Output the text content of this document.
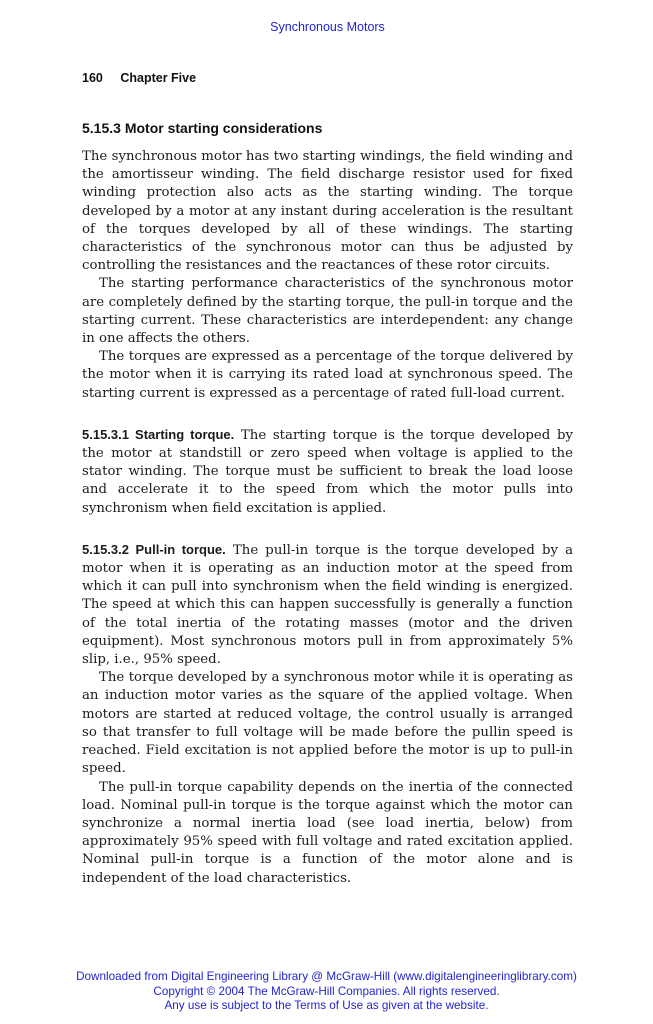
Synchronous Motors
160 Chapter Five
5.15.3 Motor starting considerations

The synchronous motor has two starting windings, the field winding and the amortisseur winding. The field discharge resistor used for fixed winding protection also acts as the starting winding. The torque developed by a motor at any instant during acceleration is the resultant of the torques developed by all of these windings. The starting characteristics of the synchronous motor can thus be adjusted by controlling the resistances and the reactances of these rotor circuits.

The starting performance characteristics of the synchronous motor are completely defined by the starting torque, the pull-in torque and the starting current. These characteristics are interdependent: any change in one affects the others.

The torques are expressed as a percentage of the torque delivered by the motor when it is carrying its rated load at synchronous speed. The starting current is expressed as a percentage of rated full-load current.

5.15.3.1 Starting torque. The starting torque is the torque developed by the motor at standstill or zero speed when voltage is applied to the stator winding. The torque must be sufficient to break the load loose and accelerate it to the speed from which the motor pulls into synchronism when field excitation is applied.

5.15.3.2 Pull-in torque. The pull-in torque is the torque developed by a motor when it is operating as an induction motor at the speed from which it can pull into synchronism when the field winding is energized. The speed at which this can happen successfully is generally a function of the total inertia of the rotating masses (motor and the driven equipment). Most synchronous motors pull in from approximately 5% slip, i.e., 95% speed.

The torque developed by a synchronous motor while it is operating as an induction motor varies as the square of the applied voltage. When motors are started at reduced voltage, the control usually is arranged so that transfer to full voltage will be made before the pullin speed is reached. Field excitation is not applied before the motor is up to pull-in speed.

The pull-in torque capability depends on the inertia of the connected load. Nominal pull-in torque is the torque against which the motor can synchronize a normal inertia load (see load inertia, below) from approximately 95% speed with full voltage and rated excitation applied. Nominal pull-in torque is a function of the motor alone and is independent of the load characteristics.

Downloaded from Digital Engineering Library @ McGraw-Hill (www.digitalengineeringlibrary.com)
Copyright © 2004 The McGraw-Hill Companies. All rights reserved.
Any use is subject to the Terms of Use as given at the website.
